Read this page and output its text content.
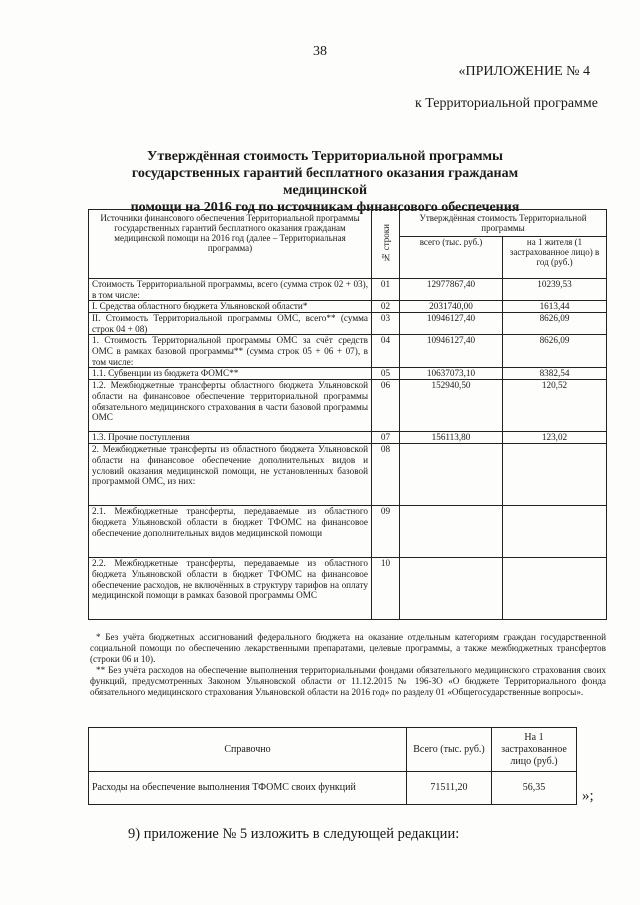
38
«ПРИЛОЖЕНИЕ № 4
к Территориальной программе
Утверждённая стоимость Территориальной программы
государственных гарантий бесплатного оказания гражданам медицинской
помощи на 2016 год по источникам финансового обеспечения
Источники финансового обеспечения Территориальной программы государственных гарантий бесплатного оказания гражданам медицинской помощи на 2016 год (далее – Территориальная программа)	№ строки	Утверждённая стоимость Территориальной программы	
		всего (тыс. руб.)	на 1 жителя (1 застрахованное лицо) в год (руб.)
Стоимость Территориальной программы, всего (сумма строк 02 + 03), в том числе:	01	12977867,40	10239,53
I. Средства областного бюджета Ульяновской области*	02	2031740,00	1613,44
II. Стоимость Территориальной программы ОМС, всего** (сумма строк 04 + 08)	03	10946127,40	8626,09
1. Стоимость Территориальной программы ОМС за счёт средств ОМС в рамках базовой программы** (сумма строк 05 + 06 + 07), в том числе:	04	10946127,40	8626,09
1.1. Субвенции из бюджета ФОМС**	05	10637073,10	8382,54
1.2. Межбюджетные трансферты областного бюджета Ульяновской области на финансовое обеспечение территориальной программы обязательного медицинского страхования в части базовой программы ОМС	06	152940,50	120,52
1.3. Прочие поступления	07	156113,80	123,02
2. Межбюджетные трансферты из областного бюджета Ульяновской области на финансовое обеспечение дополнительных видов и условий оказания медицинской помощи, не установленных базовой программой ОМС, из них:	08		
2.1. Межбюджетные трансферты, передаваемые из областного бюджета Ульяновской области в бюджет ТФОМС на финансовое обеспечение дополнительных видов медицинской помощи	09		
2.2. Межбюджетные трансферты, передаваемые из областного бюджета Ульяновской области в бюджет ТФОМС на финансовое обеспечение расходов, не включённых в структуру тарифов на оплату медицинской помощи в рамках базовой программы ОМС	10		

* Без учёта бюджетных ассигнований федерального бюджета на оказание отдельным категориям граждан государственной социальной помощи по обеспечению лекарственными препаратами, целевые программы, а также межбюджетных трансфертов (строки 06 и 10).

** Без учёта расходов на обеспечение выполнения территориальными фондами обязательного медицинского страхования своих функций, предусмотренных Законом Ульяновской области от 11.12.2015 № 196-ЗО «О бюджете Территориального фонда обязательного медицинского страхования Ульяновской области на 2016 год» по разделу 01 «Общегосударственные вопросы».

Справочно	Всего (тыс. руб.)	На 1 застрахованное лицо (руб.)
Расходы на обеспечение выполнения ТФОМС своих функций	71511,20	56,35
»;
9) приложение № 5 изложить в следующей редакции:
